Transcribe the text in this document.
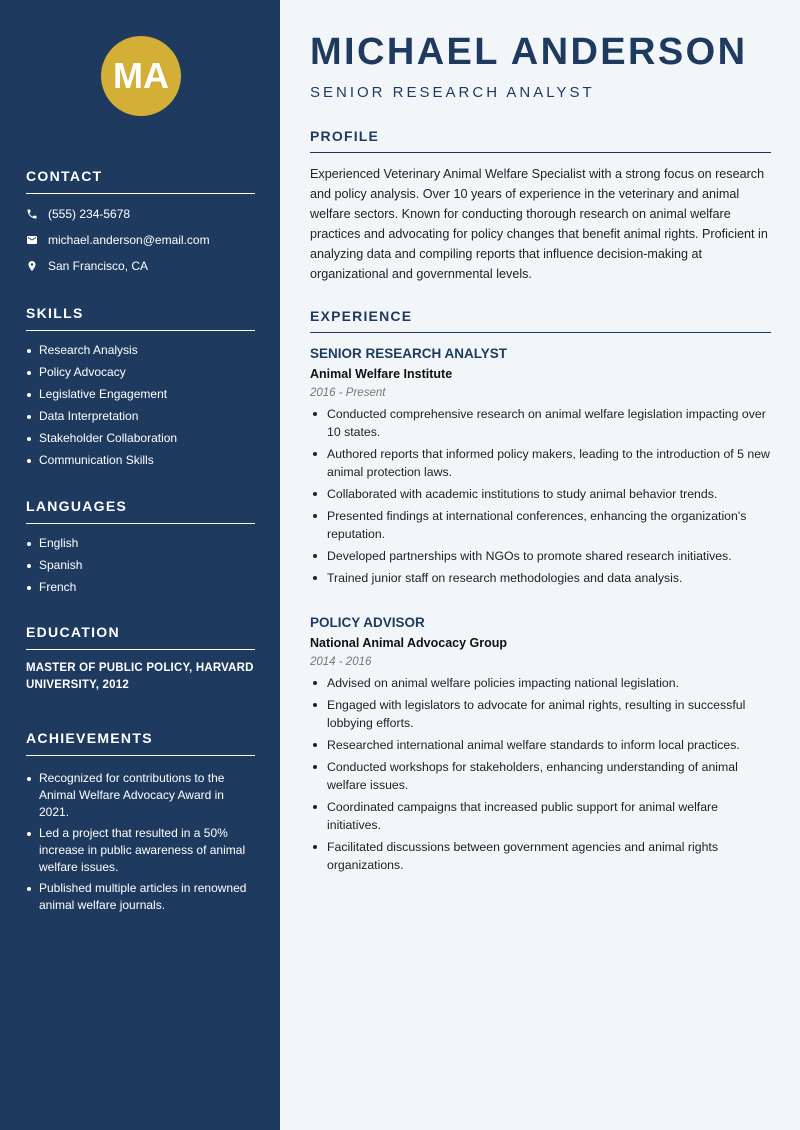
MA
CONTACT
(555) 234-5678
michael.anderson@email.com
San Francisco, CA
SKILLS
Research Analysis
Policy Advocacy
Legislative Engagement
Data Interpretation
Stakeholder Collaboration
Communication Skills
LANGUAGES
English
Spanish
French
EDUCATION
MASTER OF PUBLIC POLICY, HARVARD UNIVERSITY, 2012
ACHIEVEMENTS
Recognized for contributions to the Animal Welfare Advocacy Award in 2021.
Led a project that resulted in a 50% increase in public awareness of animal welfare issues.
Published multiple articles in renowned animal welfare journals.
MICHAEL ANDERSON
SENIOR RESEARCH ANALYST
PROFILE

Experienced Veterinary Animal Welfare Specialist with a strong focus on research and policy analysis. Over 10 years of experience in the veterinary and animal welfare sectors. Known for conducting thorough research on animal welfare practices and advocating for policy changes that benefit animal rights. Proficient in analyzing data and compiling reports that influence decision-making at organizational and governmental levels.

EXPERIENCE
SENIOR RESEARCH ANALYST
Animal Welfare Institute
2016 - Present
Conducted comprehensive research on animal welfare legislation impacting over 10 states.
Authored reports that informed policy makers, leading to the introduction of 5 new animal protection laws.
Collaborated with academic institutions to study animal behavior trends.
Presented findings at international conferences, enhancing the organization's reputation.
Developed partnerships with NGOs to promote shared research initiatives.
Trained junior staff on research methodologies and data analysis.
POLICY ADVISOR
National Animal Advocacy Group
2014 - 2016
Advised on animal welfare policies impacting national legislation.
Engaged with legislators to advocate for animal rights, resulting in successful lobbying efforts.
Researched international animal welfare standards to inform local practices.
Conducted workshops for stakeholders, enhancing understanding of animal welfare issues.
Coordinated campaigns that increased public support for animal welfare initiatives.
Facilitated discussions between government agencies and animal rights organizations.
